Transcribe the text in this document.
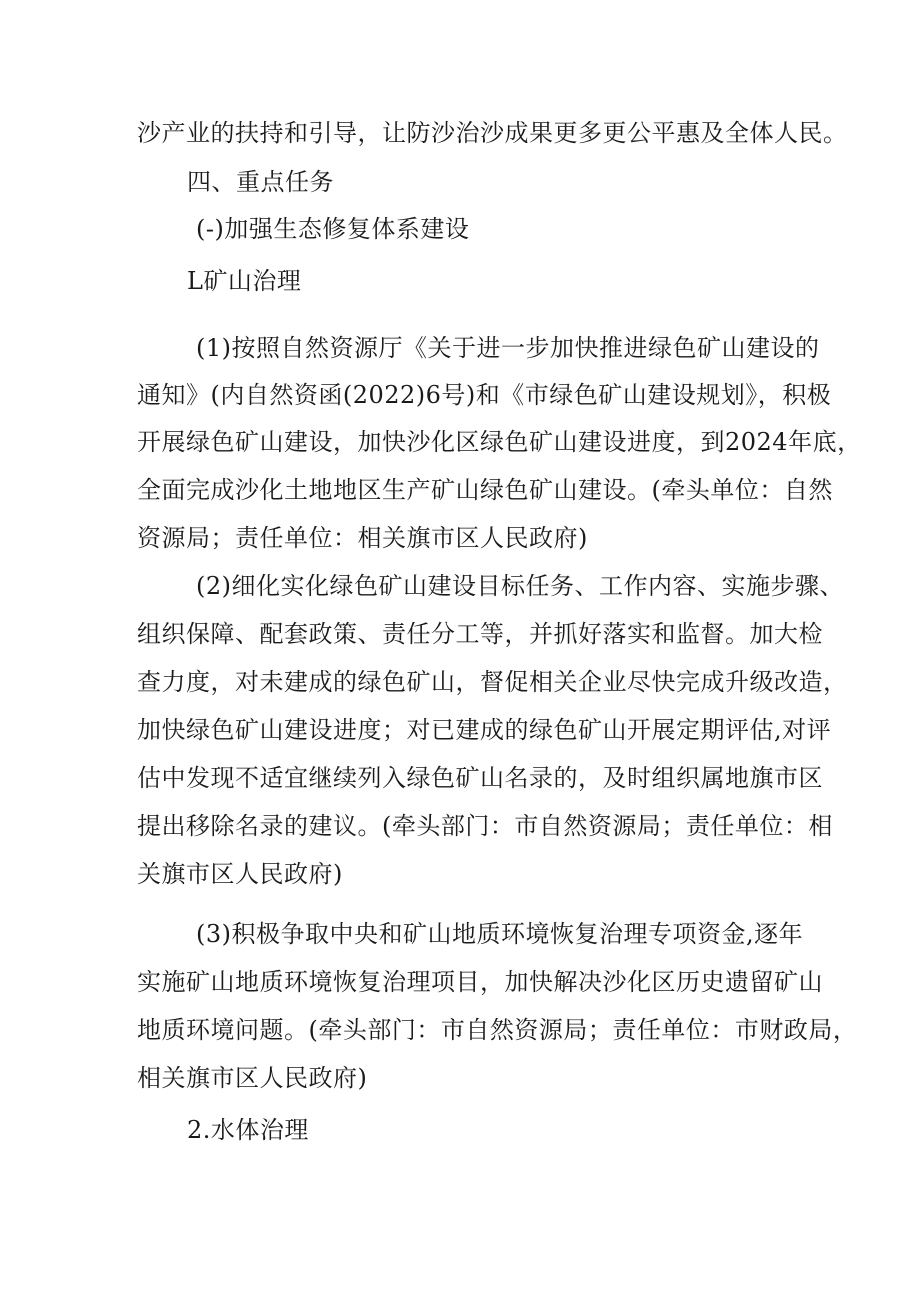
沙产业的扶持和引导，让防沙治沙成果更多更公平惠及全体人民。
四、重点任务
(-)加强生态修复体系建设
L矿山治理
(1)按照自然资源厅《关于进一步加快推进绿色矿山建设的
通知》(内自然资函(2022)6号)和《市绿色矿山建设规划》，积极
开展绿色矿山建设，加快沙化区绿色矿山建设进度，到2024年底，
全面完成沙化土地地区生产矿山绿色矿山建设。(牵头单位：自然
资源局；责任单位：相关旗市区人民政府)
(2)细化实化绿色矿山建设目标任务、工作内容、实施步骤、
组织保障、配套政策、责任分工等，并抓好落实和监督。加大检
查力度，对未建成的绿色矿山，督促相关企业尽快完成升级改造，
加快绿色矿山建设进度；对已建成的绿色矿山开展定期评估,对评
估中发现不适宜继续列入绿色矿山名录的，及时组织属地旗市区
提出移除名录的建议。(牵头部门：市自然资源局；责任单位：相
关旗市区人民政府)
(3)积极争取中央和矿山地质环境恢复治理专项资金,逐年
实施矿山地质环境恢复治理项目，加快解决沙化区历史遗留矿山
地质环境问题。(牵头部门：市自然资源局；责任单位：市财政局，
相关旗市区人民政府)
2.水体治理
